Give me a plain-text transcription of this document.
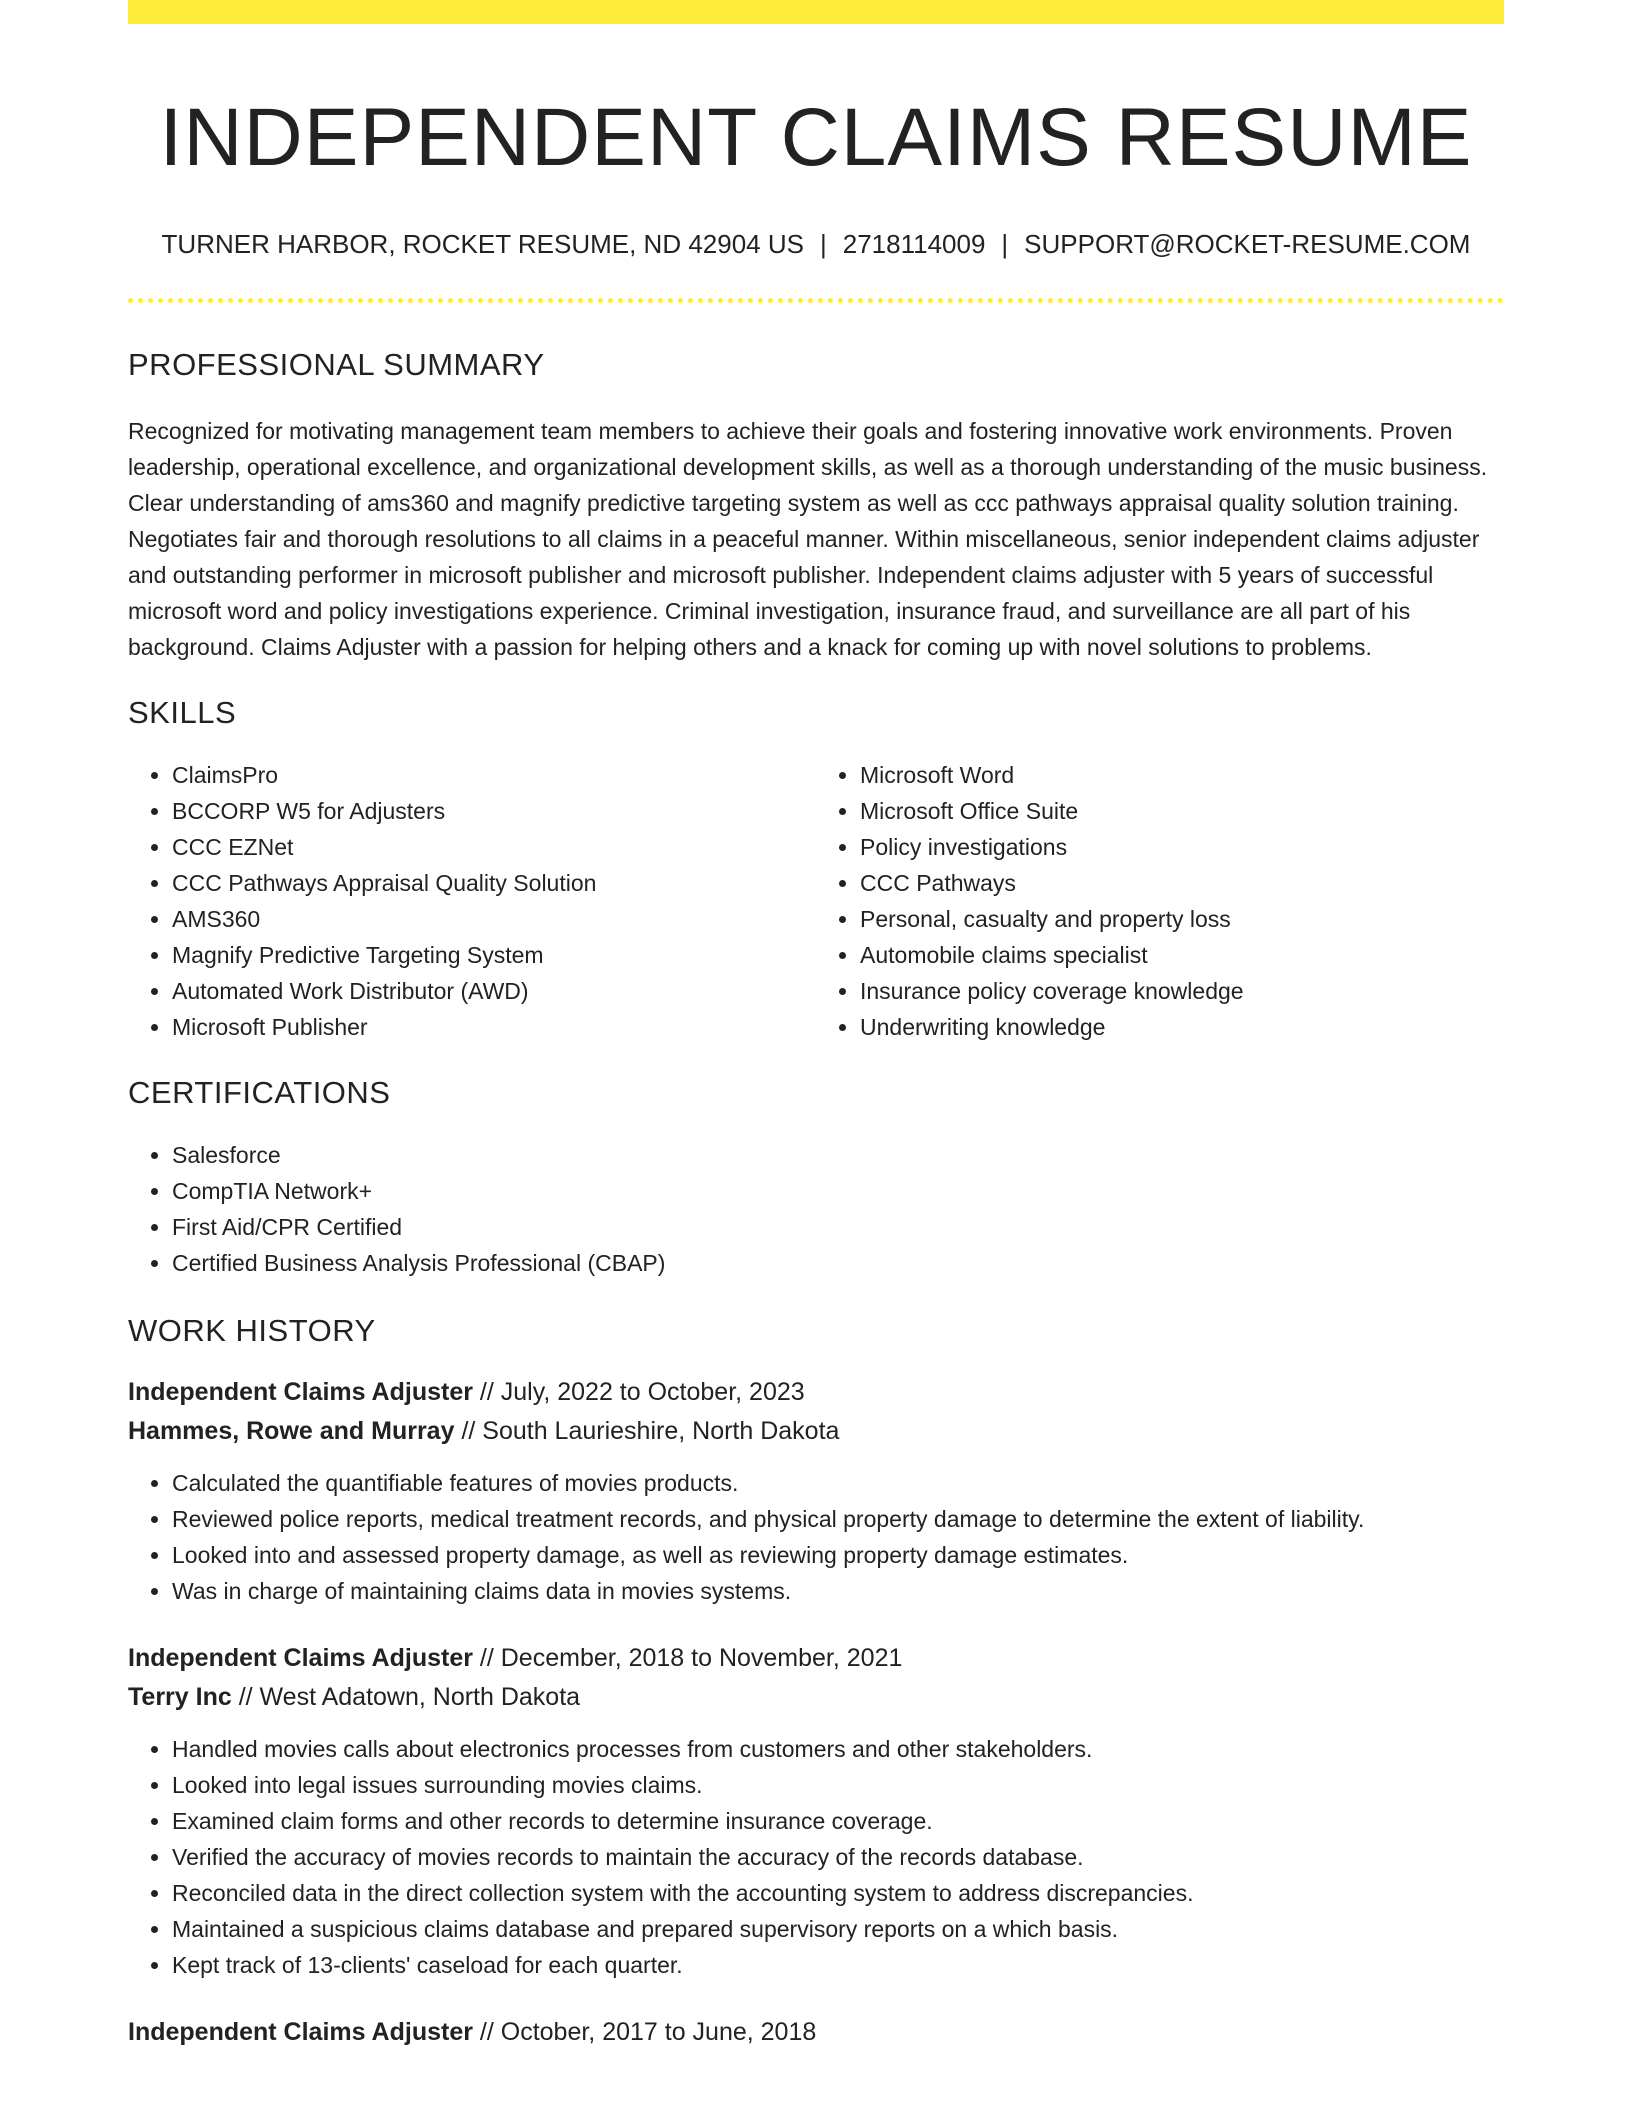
INDEPENDENT CLAIMS RESUME
TURNER HARBOR, ROCKET RESUME, ND 42904 US | 2718114009 | SUPPORT@ROCKET-RESUME.COM
PROFESSIONAL SUMMARY

Recognized for motivating management team members to achieve their goals and fostering innovative work environments. Proven leadership, operational excellence, and organizational development skills, as well as a thorough understanding of the music business. Clear understanding of ams360 and magnify predictive targeting system as well as ccc pathways appraisal quality solution training. Negotiates fair and thorough resolutions to all claims in a peaceful manner. Within miscellaneous, senior independent claims adjuster and outstanding performer in microsoft publisher and microsoft publisher. Independent claims adjuster with 5 years of successful microsoft word and policy investigations experience. Criminal investigation, insurance fraud, and surveillance are all part of his background. Claims Adjuster with a passion for helping others and a knack for coming up with novel solutions to problems.

SKILLS
• ClaimsPro
• BCCORP W5 for Adjusters
• CCC EZNet
• CCC Pathways Appraisal Quality Solution
• AMS360
• Magnify Predictive Targeting System
• Automated Work Distributor (AWD)
• Microsoft Publisher
• Microsoft Word
• Microsoft Office Suite
• Policy investigations
• CCC Pathways
• Personal, casualty and property loss
• Automobile claims specialist
• Insurance policy coverage knowledge
• Underwriting knowledge
CERTIFICATIONS
• Salesforce
• CompTIA Network+
• First Aid/CPR Certified
• Certified Business Analysis Professional (CBAP)
WORK HISTORY
Independent Claims Adjuster // July, 2022 to October, 2023
Hammes, Rowe and Murray // South Laurieshire, North Dakota
• Calculated the quantifiable features of movies products.
• Reviewed police reports, medical treatment records, and physical property damage to determine the extent of liability.
• Looked into and assessed property damage, as well as reviewing property damage estimates.
• Was in charge of maintaining claims data in movies systems.
Independent Claims Adjuster // December, 2018 to November, 2021
Terry Inc // West Adatown, North Dakota
• Handled movies calls about electronics processes from customers and other stakeholders.
• Looked into legal issues surrounding movies claims.
• Examined claim forms and other records to determine insurance coverage.
• Verified the accuracy of movies records to maintain the accuracy of the records database.
• Reconciled data in the direct collection system with the accounting system to address discrepancies.
• Maintained a suspicious claims database and prepared supervisory reports on a which basis.
• Kept track of 13-clients' caseload for each quarter.
Independent Claims Adjuster // October, 2017 to June, 2018
